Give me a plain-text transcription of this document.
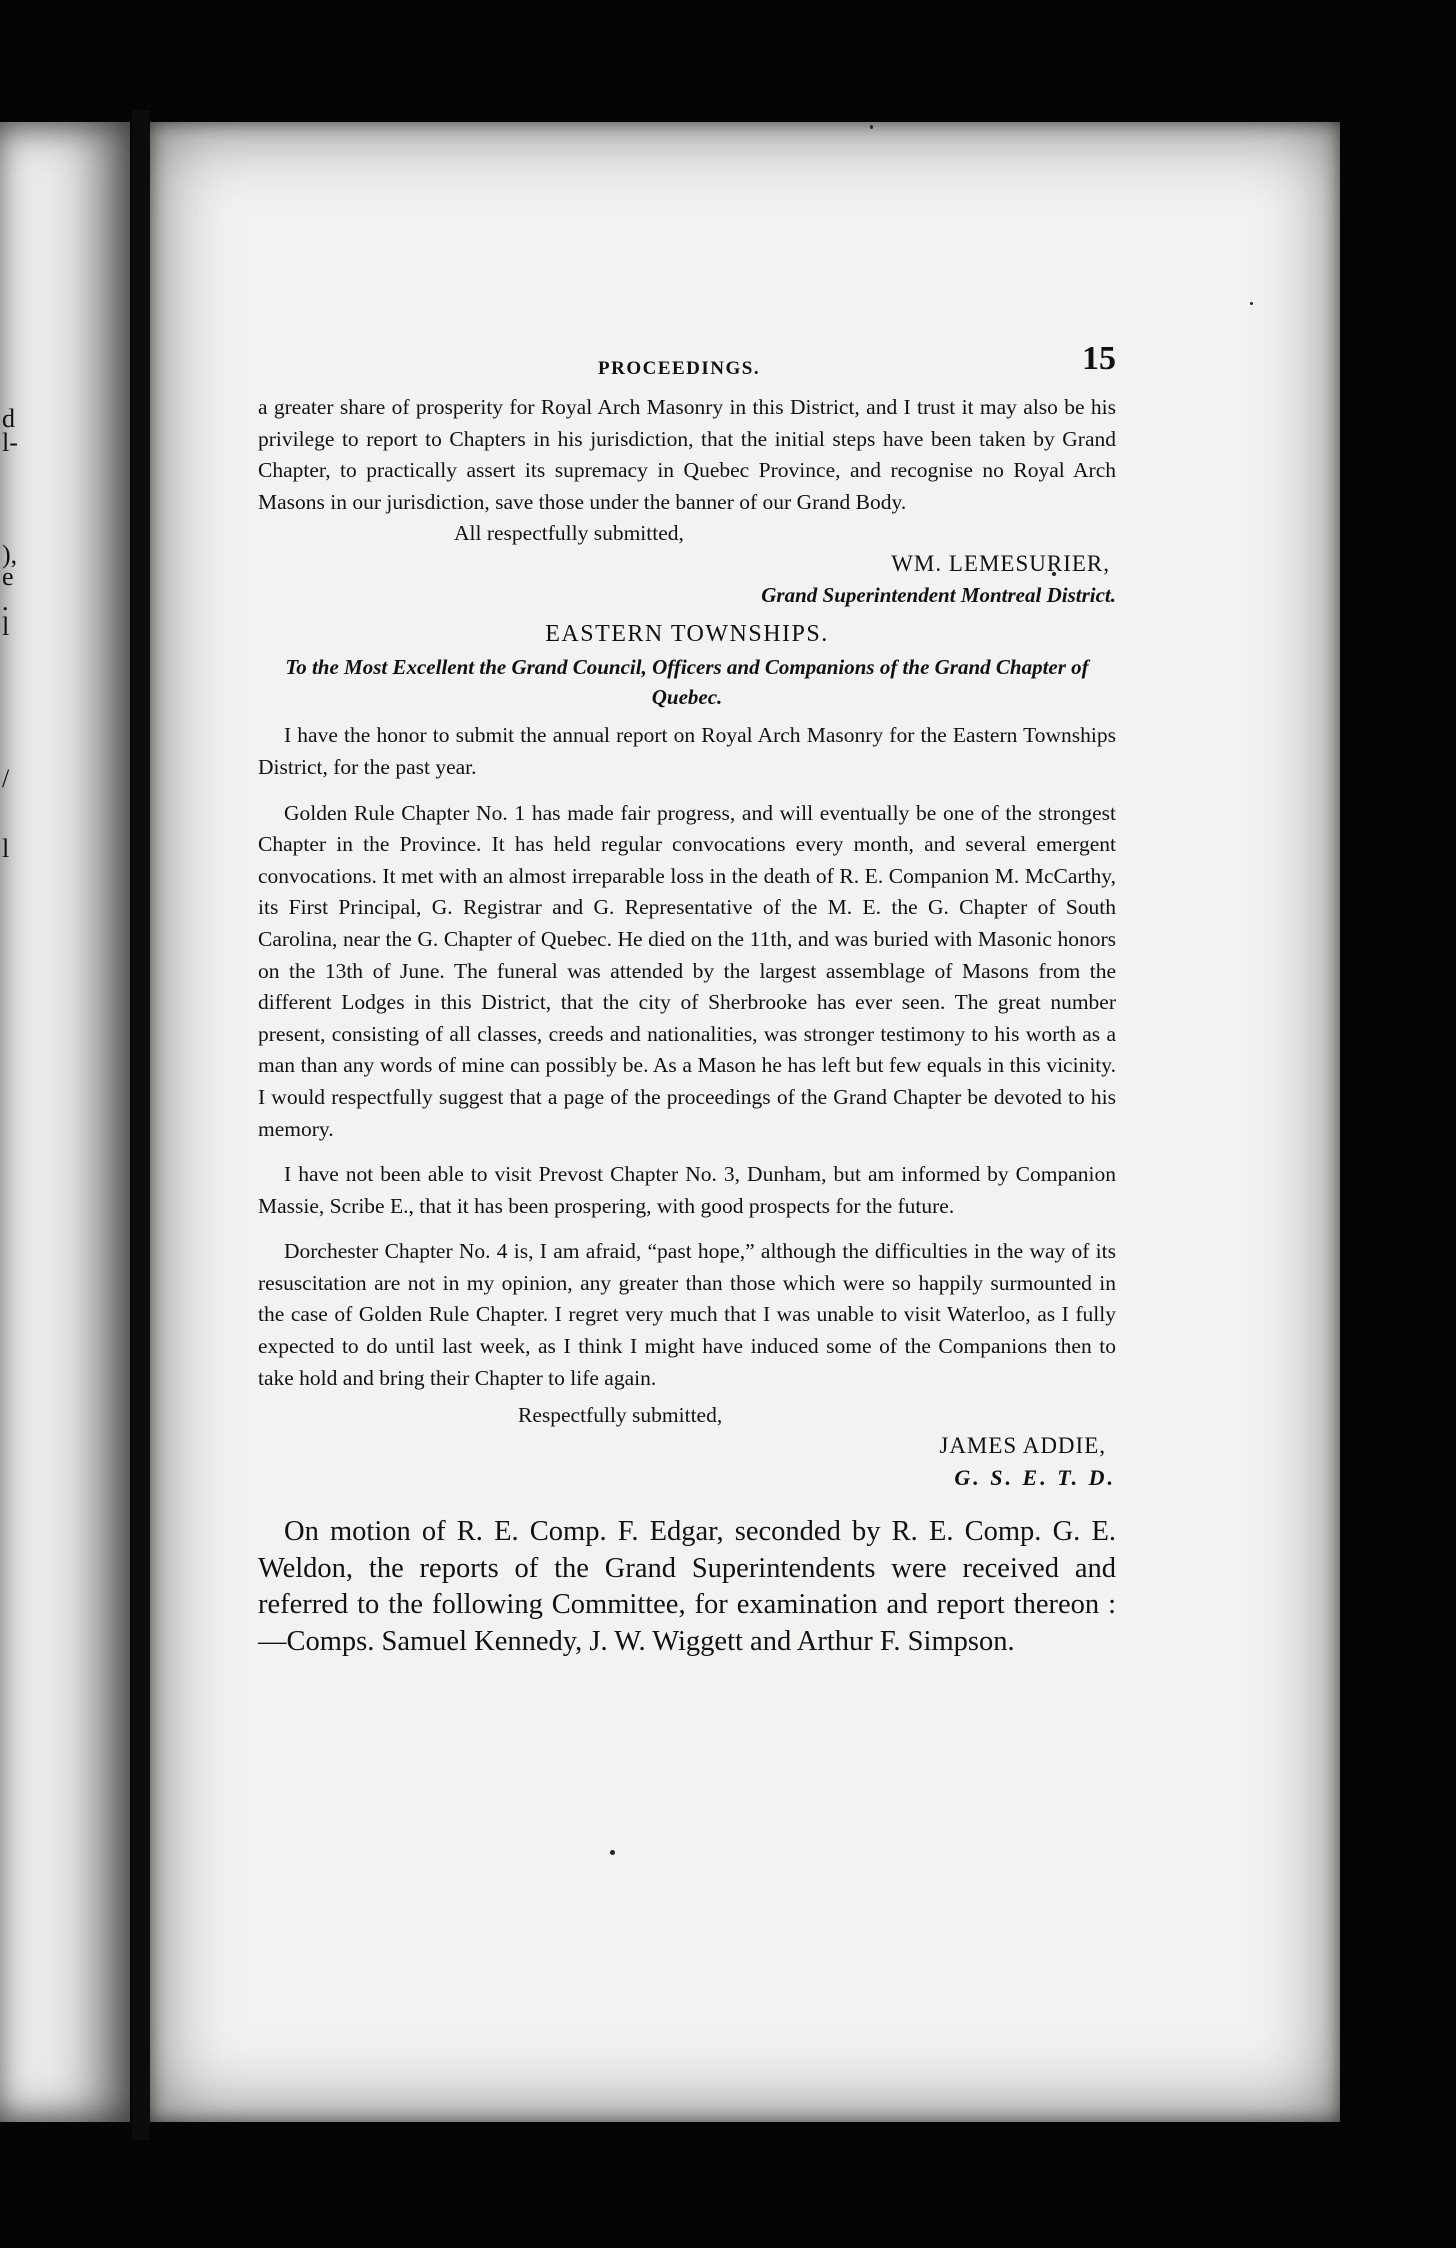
d
l-
),
e
.
l
/
l
PROCEEDINGS.	15

a greater share of prosperity for Royal Arch Masonry in this District, and I trust it may also be his privilege to report to Chapters in his jurisdiction, that the initial steps have been taken by Grand Chapter, to practically assert its supremacy in Quebec Province, and recognise no Royal Arch Masons in our jurisdiction, save those under the banner of our Grand Body.

All respectfully submitted,
WM. LEMESURIER,
Grand Superintendent Montreal District.
EASTERN TOWNSHIPS.
To the Most Excellent the Grand Council, Officers and Companions of the Grand Chapter of Quebec.

I have the honor to submit the annual report on Royal Arch Masonry for the Eastern Townships District, for the past year.

Golden Rule Chapter No. 1 has made fair progress, and will eventually be one of the strongest Chapter in the Province. It has held regular convocations every month, and several emergent convocations. It met with an almost irreparable loss in the death of R. E. Companion M. McCarthy, its First Principal, G. Registrar and G. Representative of the M. E. the G. Chapter of South Carolina, near the G. Chapter of Quebec. He died on the 11th, and was buried with Masonic honors on the 13th of June. The funeral was attended by the largest assemblage of Masons from the different Lodges in this District, that the city of Sherbrooke has ever seen. The great number present, consisting of all classes, creeds and nationalities, was stronger testimony to his worth as a man than any words of mine can possibly be. As a Mason he has left but few equals in this vicinity. I would respectfully suggest that a page of the proceedings of the Grand Chapter be devoted to his memory.

I have not been able to visit Prevost Chapter No. 3, Dunham, but am informed by Companion Massie, Scribe E., that it has been prospering, with good prospects for the future.

Dorchester Chapter No. 4 is, I am afraid, “past hope,” although the difficulties in the way of its resuscitation are not in my opinion, any greater than those which were so happily surmounted in the case of Golden Rule Chapter. I regret very much that I was unable to visit Waterloo, as I fully expected to do until last week, as I think I might have induced some of the Companions then to take hold and bring their Chapter to life again.

Respectfully submitted,
JAMES ADDIE,
G. S. E. T. D.

On motion of R. E. Comp. F. Edgar, seconded by R. E. Comp. G. E. Weldon, the reports of the Grand Superintendents were received and referred to the following Committee, for examination and report thereon :—Comps. Samuel Kennedy, J. W. Wiggett and Arthur F. Simpson.
